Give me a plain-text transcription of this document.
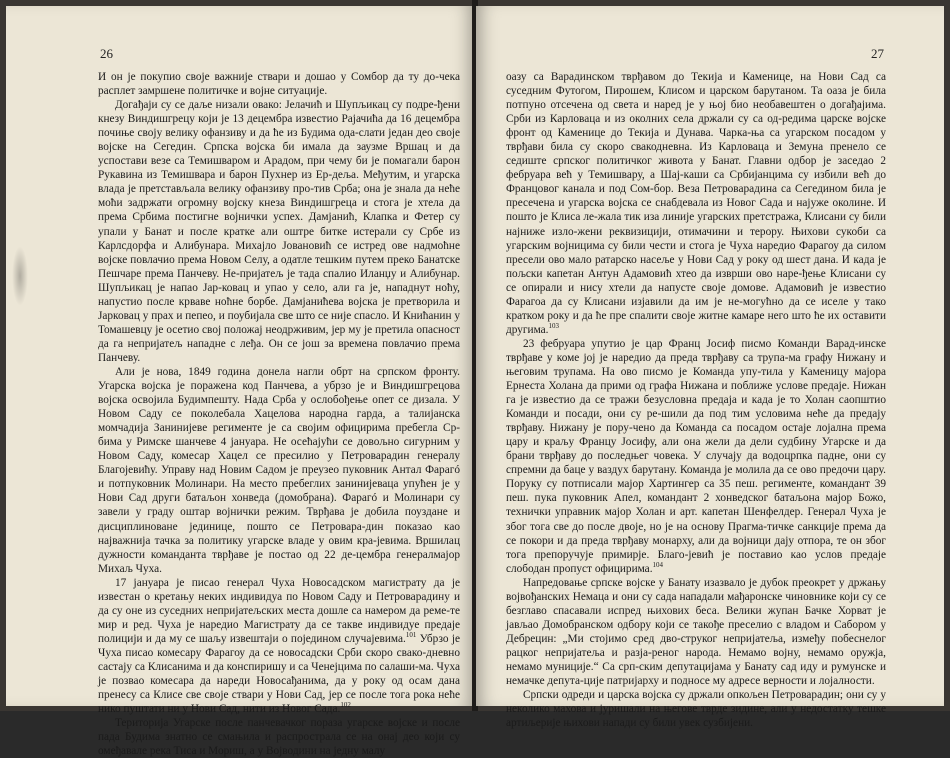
26

И он је покупио своје важније ствари и дошао у Сомбор да ту до-чека расплет замршене политичке и војне ситуације.

Догађаји су се даље низали овако: Јелачић и Шупљикац су подре-ђени кнезу Виндишгрецу који је 13 децембра известио Рајачића да 16 децембра почиње своју велику офанзиву и да ће из Будима ода-слати један део своје војске на Сегедин. Српска војска би имала да заузме Вршац и да успостави везе са Темишваром и Арадом, при чему би је помагали барон Рукавина из Темишвара и барон Пухнер из Ер-деља. Међутим, и угарска влада је претстављала велику офанзиву про-тив Срба; она је знала да неће моћи задржати огромну војску кнеза Виндишгреца и стога је хтела да према Србима постигне војнички успех. Дамјанић, Клапка и Фетер су упали у Банат и после кратке али оштре битке истерали су Србе из Карлсдорфа и Алибунара. Михајло Јовановић се истред ове надмоћне војске повлачио према Новом Селу, а одатле тешким путем преко Банатске Пешчаре према Панчеву. Не-пријатељ је тада спалио Иланџу и Алибунар. Шупљикац је напао Јар-ковац и упао у село, али га је, нападнут ноћу, напустио после крваве ноћне борбе. Дамјанићева војска је претворила и Јарковац у прах и пепео, и поубијала све што се није спасло. И Книћанин у Томашевцу је осетио свој положај неодрживим, јер му је претила опасност да га непријатељ нападне с леђа. Он се још за времена повлачио према Панчеву.

Али је нова, 1849 година донела нагли обрт на српском фронту. Угарска војска је поражена код Панчева, а убрзо је и Виндишгрецова војска освојила Будимпешту. Нада Срба у ослобођење опет се дизала. У Новом Саду се поколебала Хацелова народна гарда, а талијанска момчадија Занинијеве регименте је са својим официрима пребегла Ср-бима у Римске шанчеве 4 јануара. Не осећајући се довољно сигурним у Новом Саду, комесар Хацел се пресилио у Петроварадин генералу Благојевићу. Управу над Новим Садом је преузео пуковник Антал Фарагó и потпуковник Молинари. На место пребеглих занинијеваца упућен је у Нови Сад други батаљон хонведа (домобрана). Фарагó и Молинари су завели у граду оштар војнички режим. Тврђава је добила поуздане и дисциплиноване јединице, пошто се Петровара-дин показао као најважнија тачка за политику угарске владе у овим кра-јевима. Вршилац дужности команданта тврђаве је постао од 22 де-цембра генералмајор Михаљ Чуха.

17 јануара је писао генерал Чуха Новосадском магистрату да је известан о кретању неких индивидуа по Новом Саду и Петроварадину и да су оне из суседних непријатељских места дошле са намером да реме-те мир и ред. Чуха је наредио Магистрату да се такве индивидуе предаје полицији и да му се шаљу извештаји о поједином случајевима.$^{101}$ Убрзо је Чуха писао комесару Фарагоу да се новосадски Срби скоро свако-дневно састају са Клисанима и да конспиришу и са Ченејцима по салаши-ма. Чуха је позвао комесара да нареди Новосађанима, да у року од осам дана пренесу са Клисе све своје ствари у Нови Сад, јер се после тога рока неће нико пуштати ни у Нови Сад, нити из Новог Сада.$^{102}$

Територија Угарске после панчевачког пораза угарске војске и после пада Будима знатно се смањила и распрострала се на онај део који су омеђавале река Тиса и Мориш, а у Војводини на једну малу

27

оазу са Варадинском тврђавом до Текија и Каменице, на Нови Сад са суседним Футогом, Пирошем, Клисом и царском барутаном. Та оаза је била потпуно отсечена од света и наред је у њој био необавештен о догађајима. Срби из Карловаца и из околних села држали су са од-редима царске војске фронт од Каменице до Текија и Дунава. Чарка-ња са угарском посадом у тврђави била су скоро свакодневна. Из Карловаца и Земуна пренело се седиште српског политичког живота у Банат. Главни одбор је заседао 2 фебруара већ у Темишвару, а Шај-каши са Србијанцима су избили већ до Францовог канала и под Сом-бор. Веза Петроварадина са Сегедином била је пресечена и угарска војска се снабдевала из Новог Сада и најуже околине. И пошто је Клиса ле-жала тик иза линије угарских претстража, Клисани су били најниже изло-жени реквизицији, отимачини и терору. Њихови сукоби са угарским војницима су били чести и стога је Чуха наредио Фарагоу да силом пресели ово мало ратарско насеље у Нови Сад у року од шест дана. И када је пољски капетан Антун Адамовић хтео да изврши ово наре-ђење Клисани су се опирали и нису хтели да напусте своје домове. Адамовић је известио Фарагоа да су Клисани изјавили да им је не-могућно да се иселе у тако кратком року и да ће пре спалити своје житне камаре него што ће их оставити другима.$^{103}$

23 фебруара упутио је цар Франц Јосиф писмо Команди Варад-инске тврђаве у коме јој је наредио да преда тврђаву са трупа-ма графу Нижану и његовим трупама. На ово писмо је Команда упу-тила у Каменицу мајора Ернеста Холана да прими од графа Нижана и поближе услове предаје. Нижан га је известио да се тражи безусловна предаја и када је то Холан саопштио Команди и посади, они су ре-шили да под тим условима неће да предају тврђаву. Нижану је пору-чено да Команда са посадом остаје лојална према цару и краљу Францу Јосифу, али она жели да дели судбину Угарске и да брани тврђаву до последњег човека. У случају да водоцрпка падне, они су спремни да баце у ваздух барутану. Команда је молила да се ово предочи цару. Поруку су потписали мајор Хартингер са 35 пеш. регименте, командант 39 пеш. пука пуковник Апел, командант 2 хонведског батаљона мајор Божо, технички управник мајор Холан и арт. капетан Шенфелдер. Генерал Чуха је због тога све до после двоје, но је на основу Прагма-тичке санкције према да се покори и да преда тврђаву монарху, али да војници дају отпора, те он због тога препоручује примирје. Благо-јевић је поставио као услов предаје слободан пропуст официрима.$^{104}$

Напредовање српске војске у Банату изазвало је дубок преокрет у држању војвођанских Немаца и они су сада нападали мађаронске чиновнике који су се безглаво спасавали испред њихових беса. Велики жупан Бачке Хорват је јављао Домобранском одбору који се такође преселио с владом и Сабором у Дебрецин: „Ми стојимо сред дво-струког непријатеља, између побеснелог рацког непријатеља и разја-реног народа. Немамо војну, немамо оружја, немамо муниције.“ Са срп-ским депутацијама у Банату сад иду и румунске и немачке депута-ције патријарху и подносе му адресе верности и лојалности.

Српски одреди и царска војска су држали опкољен Петроварадин; они су у неколико махова и јуришали на његове тврде зидине, али у недостатку тешке артиљерије њихови напади су били увек сузбијени.
